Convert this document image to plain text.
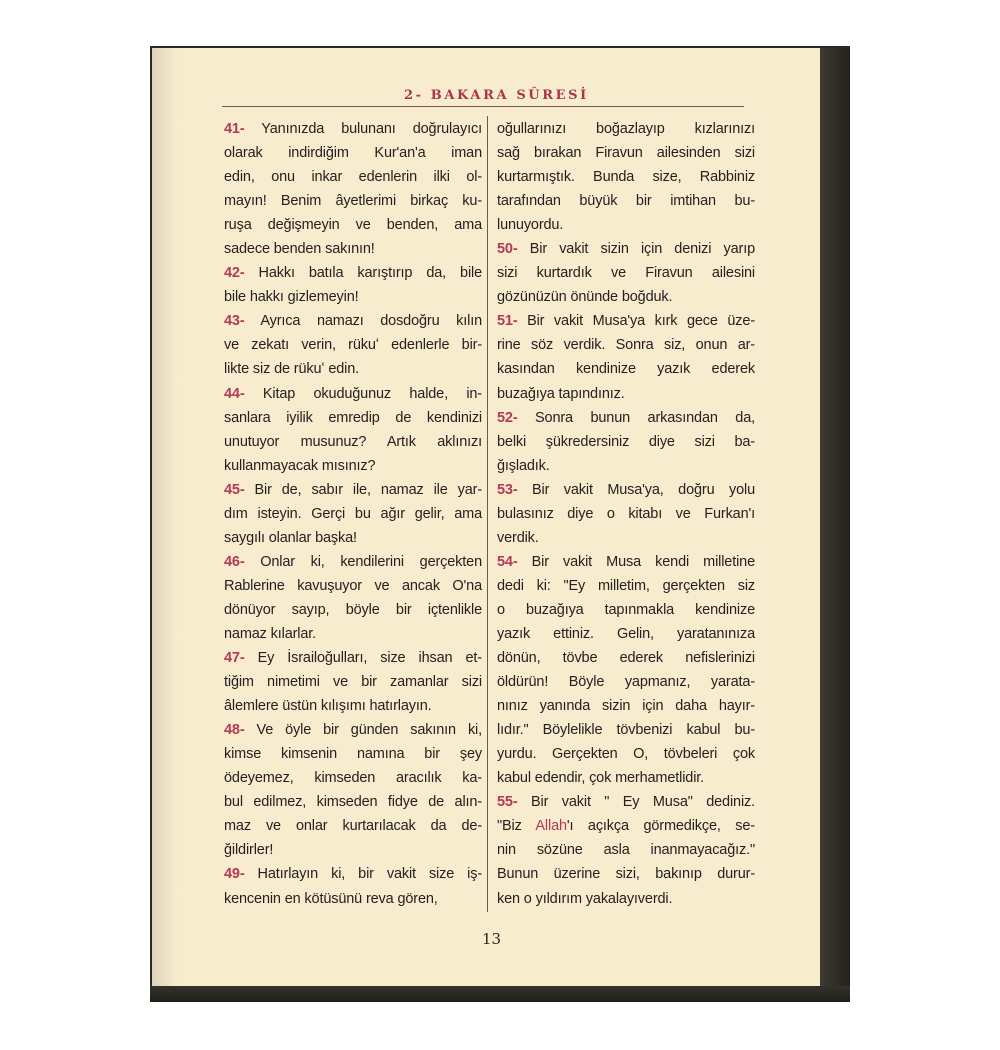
2- BAKARA SÛRESİ
41- Yanınızda bulunanı doğrulayıcı
olarak indirdiğim Kur'an'a iman
edin, onu inkar edenlerin ilki ol-
mayın! Benim âyetlerimi birkaç ku-
ruşa değişmeyin ve benden, ama
sadece benden sakının!
42- Hakkı batıla karıştırıp da, bile
bile hakkı gizlemeyin!
43- Ayrıca namazı dosdoğru kılın
ve zekatı verin, rükuʻ edenlerle bir-
likte siz de rükuʻ edin.
44- Kitap okuduğunuz halde, in-
sanlara iyilik emredip de kendinizi
unutuyor musunuz? Artık aklınızı
kullanmayacak mısınız?
45- Bir de, sabır ile, namaz ile yar-
dım isteyin. Gerçi bu ağır gelir, ama
saygılı olanlar başka!
46- Onlar ki, kendilerini gerçekten
Rablerine kavuşuyor ve ancak O'na
dönüyor sayıp, böyle bir içtenlikle
namaz kılarlar.
47- Ey İsrailoğulları, size ihsan et-
tiğim nimetimi ve bir zamanlar sizi
âlemlere üstün kılışımı hatırlayın.
48- Ve öyle bir günden sakının ki,
kimse kimsenin namına bir şey
ödeyemez, kimseden aracılık ka-
bul edilmez, kimseden fidye de alın-
maz ve onlar kurtarılacak da de-
ğildirler!
49- Hatırlayın ki, bir vakit size iş-
kencenin en kötüsünü reva gören,
oğullarınızı boğazlayıp kızlarınızı
sağ bırakan Firavun ailesinden sizi
kurtarmıştık. Bunda size, Rabbiniz
tarafından büyük bir imtihan bu-
lunuyordu.
50- Bir vakit sizin için denizi yarıp
sizi kurtardık ve Firavun ailesini
gözünüzün önünde boğduk.
51- Bir vakit Musa'ya kırk gece üze-
rine söz verdik. Sonra siz, onun ar-
kasından kendinize yazık ederek
buzağıya tapındınız.
52- Sonra bunun arkasından da,
belki şükredersiniz diye sizi ba-
ğışladık.
53- Bir vakit Musa'ya, doğru yolu
bulasınız diye o kitabı ve Furkan'ı
verdik.
54- Bir vakit Musa kendi milletine
dedi ki: "Ey milletim, gerçekten siz
o buzağıya tapınmakla kendinize
yazık ettiniz. Gelin, yaratanınıza
dönün, tövbe ederek nefislerinizi
öldürün! Böyle yapmanız, yarata-
nınız yanında sizin için daha hayır-
lıdır." Böylelikle tövbenizi kabul bu-
yurdu. Gerçekten O, tövbeleri çok
kabul edendir, çok merhametlidir.
55- Bir vakit " Ey Musa" dediniz.
"Biz Allah'ı açıkça görmedikçe, se-
nin sözüne asla inanmayacağız."
Bunun üzerine sizi, bakınıp durur-
ken o yıldırım yakalayıverdi.
13
